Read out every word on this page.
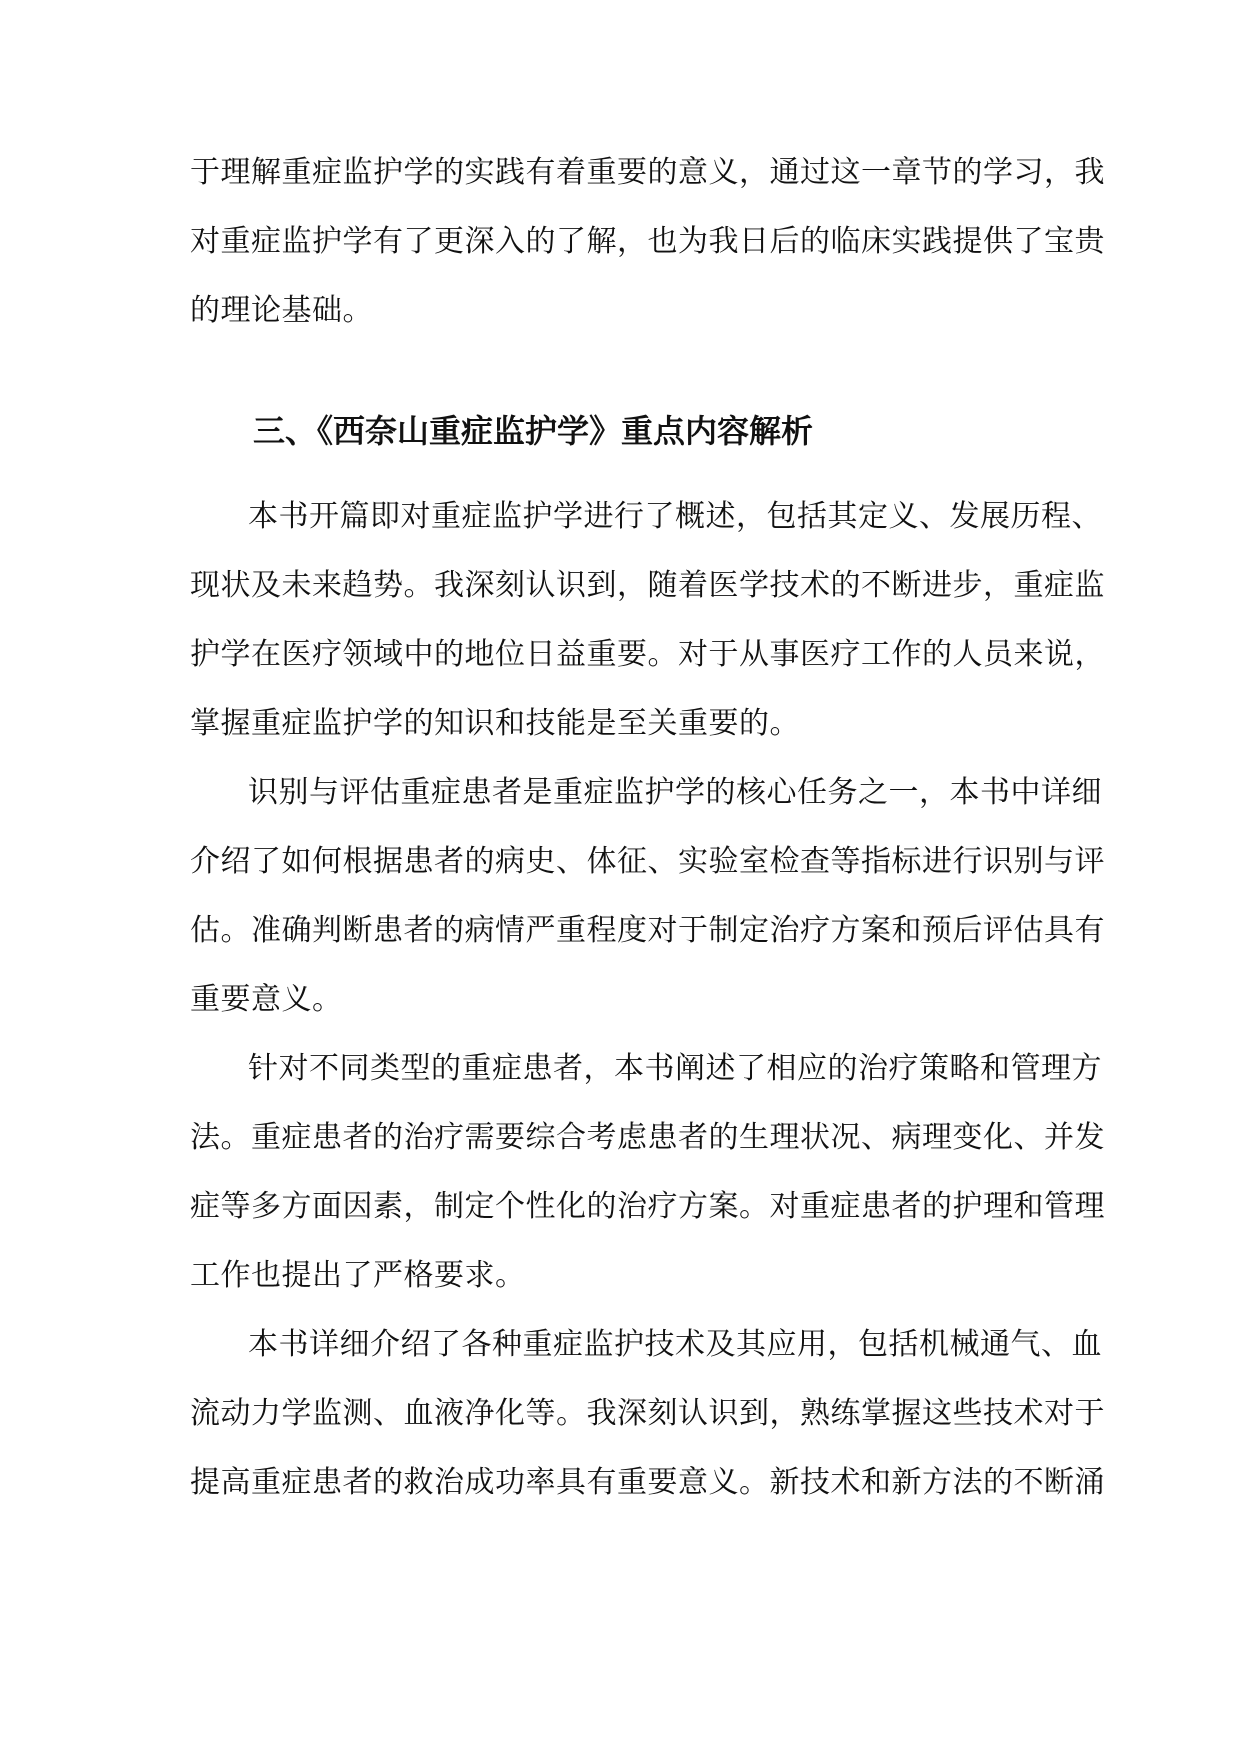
于理解重症监护学的实践有着重要的意义，通过这一章节的学习，我
对重症监护学有了更深入的了解，也为我日后的临床实践提供了宝贵
的理论基础。
三、《西奈山重症监护学》重点内容解析
本书开篇即对重症监护学进行了概述，包括其定义、发展历程、
现状及未来趋势。我深刻认识到，随着医学技术的不断进步，重症监
护学在医疗领域中的地位日益重要。对于从事医疗工作的人员来说，
掌握重症监护学的知识和技能是至关重要的。
识别与评估重症患者是重症监护学的核心任务之一，本书中详细
介绍了如何根据患者的病史、体征、实验室检查等指标进行识别与评
估。准确判断患者的病情严重程度对于制定治疗方案和预后评估具有
重要意义。
针对不同类型的重症患者，本书阐述了相应的治疗策略和管理方
法。重症患者的治疗需要综合考虑患者的生理状况、病理变化、并发
症等多方面因素，制定个性化的治疗方案。对重症患者的护理和管理
工作也提出了严格要求。
本书详细介绍了各种重症监护技术及其应用，包括机械通气、血
流动力学监测、血液净化等。我深刻认识到，熟练掌握这些技术对于
提高重症患者的救治成功率具有重要意义。新技术和新方法的不断涌
